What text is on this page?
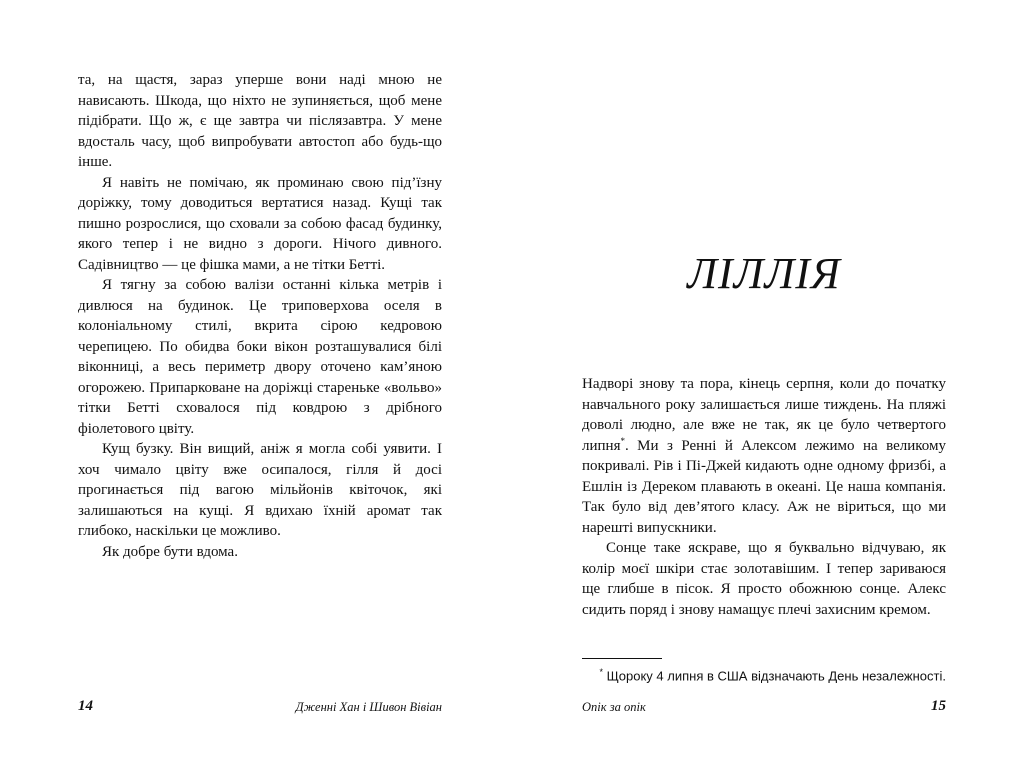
та, на щастя, зараз уперше вони наді мною не нависають. Шкода, що ніхто не зупиняється, щоб мене підібрати. Що ж, є ще завтра чи післязавтра. У мене вдосталь часу, щоб випробувати автостоп або будь-що інше.

Я навіть не помічаю, як проминаю свою під’їзну доріжку, тому доводиться вертатися назад. Кущі так пишно розрослися, що сховали за собою фасад будинку, якого тепер і не видно з дороги. Нічого дивного. Садівництво — це фішка мами, а не тітки Бетті.

Я тягну за собою валізи останні кілька метрів і дивлюся на будинок. Це триповерхова оселя в колоніальному стилі, вкрита сірою кедровою черепицею. По обидва боки вікон розташувалися білі віконниці, а весь периметр двору оточено кам’яною огорожею. Припарковане на доріжці стареньке «вольво» тітки Бетті сховалося під ковдрою з дрібного фіолетового цвіту.

Кущ бузку. Він вищий, аніж я могла собі уявити. І хоч чимало цвіту вже осипалося, гілля й досі прогинається під вагою мільйонів квіточок, які залишаються на кущі. Я вдихаю їхній аромат так глибоко, наскільки це можливо.

Як добре бути вдома.

14	Дженні Хан і Шивон Вівіан
ЛІЛЛІЯ

Надворі знову та пора, кінець серпня, коли до початку навчального року залишається лише тиждень. На пляжі доволі людно, але вже не так, як це було четвертого липня*. Ми з Ренні й Алексом лежимо на великому покривалі. Рів і Пі-Джей кидають одне одному фризбі, а Ешлін із Дереком плавають в океані. Це наша компанія. Так було від дев’ятого класу. Аж не віриться, що ми нарешті випускники.

Сонце таке яскраве, що я буквально відчуваю, як колір моєї шкіри стає золотавішим. І тепер зариваюся ще глибше в пісок. Я просто обожнюю сонце. Алекс сидить поряд і знову намащує плечі захисним кремом.

* Щороку 4 липня в США відзначають День незалежності.
Опік за опік	15
